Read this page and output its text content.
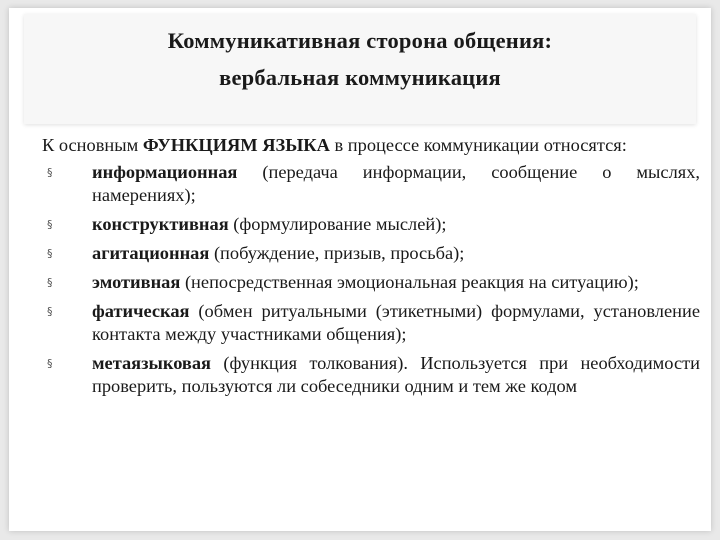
Коммуникативная сторона общения:
вербальная коммуникация

К основным ФУНКЦИЯМ ЯЗЫКА в процессе коммуникации относятся:

§ информационная (передача информации, сообщение о мыслях, намерениях);
§ конструктивная (формулирование мыслей);
§ агитационная (побуждение, призыв, просьба);
§ эмотивная (непосредственная эмоциональная реакция на ситуацию);
§ фатическая (обмен ритуальными (этикетными) формулами, установление контакта между участниками общения);
§ метаязыковая (функция толкования). Используется при необходимости проверить, пользуются ли собеседники одним и тем же кодом
